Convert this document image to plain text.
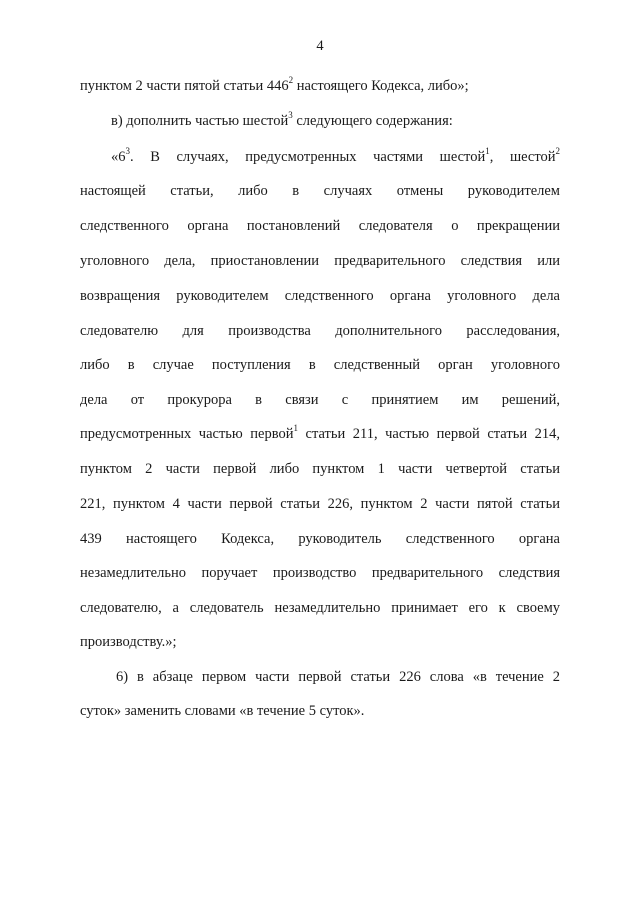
4
пунктом 2 части пятой статьи $446^2$ настоящего Кодекса, либо»;
в) дополнить частью шестой$^3$ следующего содержания:
«$6^3$. В случаях, предусмотренных частями шестой$^1$, шестой$^2$
настоящей статьи, либо в случаях отмены руководителем
следственного органа постановлений следователя о прекращении
уголовного дела, приостановлении предварительного следствия или
возвращения руководителем следственного органа уголовного дела
следователю для производства дополнительного расследования,
либо в случае поступления в следственный орган уголовного
дела от прокурора в связи с принятием им решений,
предусмотренных частью первой$^1$ статьи 211, частью первой статьи 214,
пунктом 2 части первой либо пунктом 1 части четвертой статьи
221, пунктом 4 части первой статьи 226, пунктом 2 части пятой статьи
439 настоящего Кодекса, руководитель следственного органа
незамедлительно поручает производство предварительного следствия
следователю, а следователь незамедлительно принимает его к своему
производству.»;
6) в абзаце первом части первой статьи 226 слова «в течение 2
суток» заменить словами «в течение 5 суток».
